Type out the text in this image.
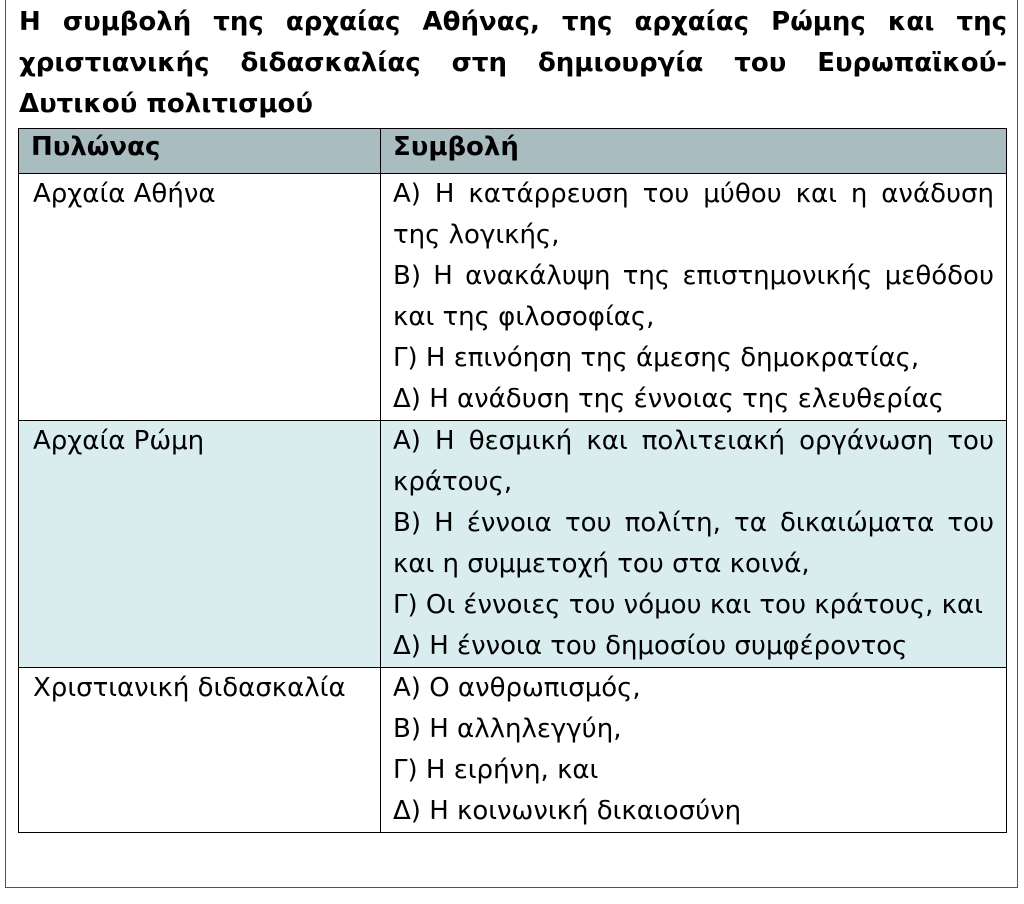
Η συμβολή της αρχαίας Αθήνας, της αρχαίας Ρώμης και της χριστιανικής διδασκαλίας στη δημιουργία του Ευρωπαϊκού-Δυτικού πολιτισμού

Πυλώνας	Συμβολή
Αρχαία Αθήνα	Α) Η κατάρρευση του μύθου και η ανάδυση της λογικής,
Β) Η ανακάλυψη της επιστημονικής μεθόδου και της φιλοσοφίας,
Γ) Η επινόηση της άμεσης δημοκρατίας,
Δ) Η ανάδυση της έννοιας της ελευθερίας

Αρχαία Ρώμη	Α) Η θεσμική και πολιτειακή οργάνωση του κράτους,
Β) Η έννοια του πολίτη, τα δικαιώματα του και η συμμετοχή του στα κοινά,
Γ) Οι έννοιες του νόμου και του κράτους, και
Δ) Η έννοια του δημοσίου συμφέροντος

Χριστιανική διδασκαλία	Α) Ο ανθρωπισμός,
Β) Η αλληλεγγύη,
Γ) Η ειρήνη, και
Δ) Η κοινωνική δικαιοσύνη
